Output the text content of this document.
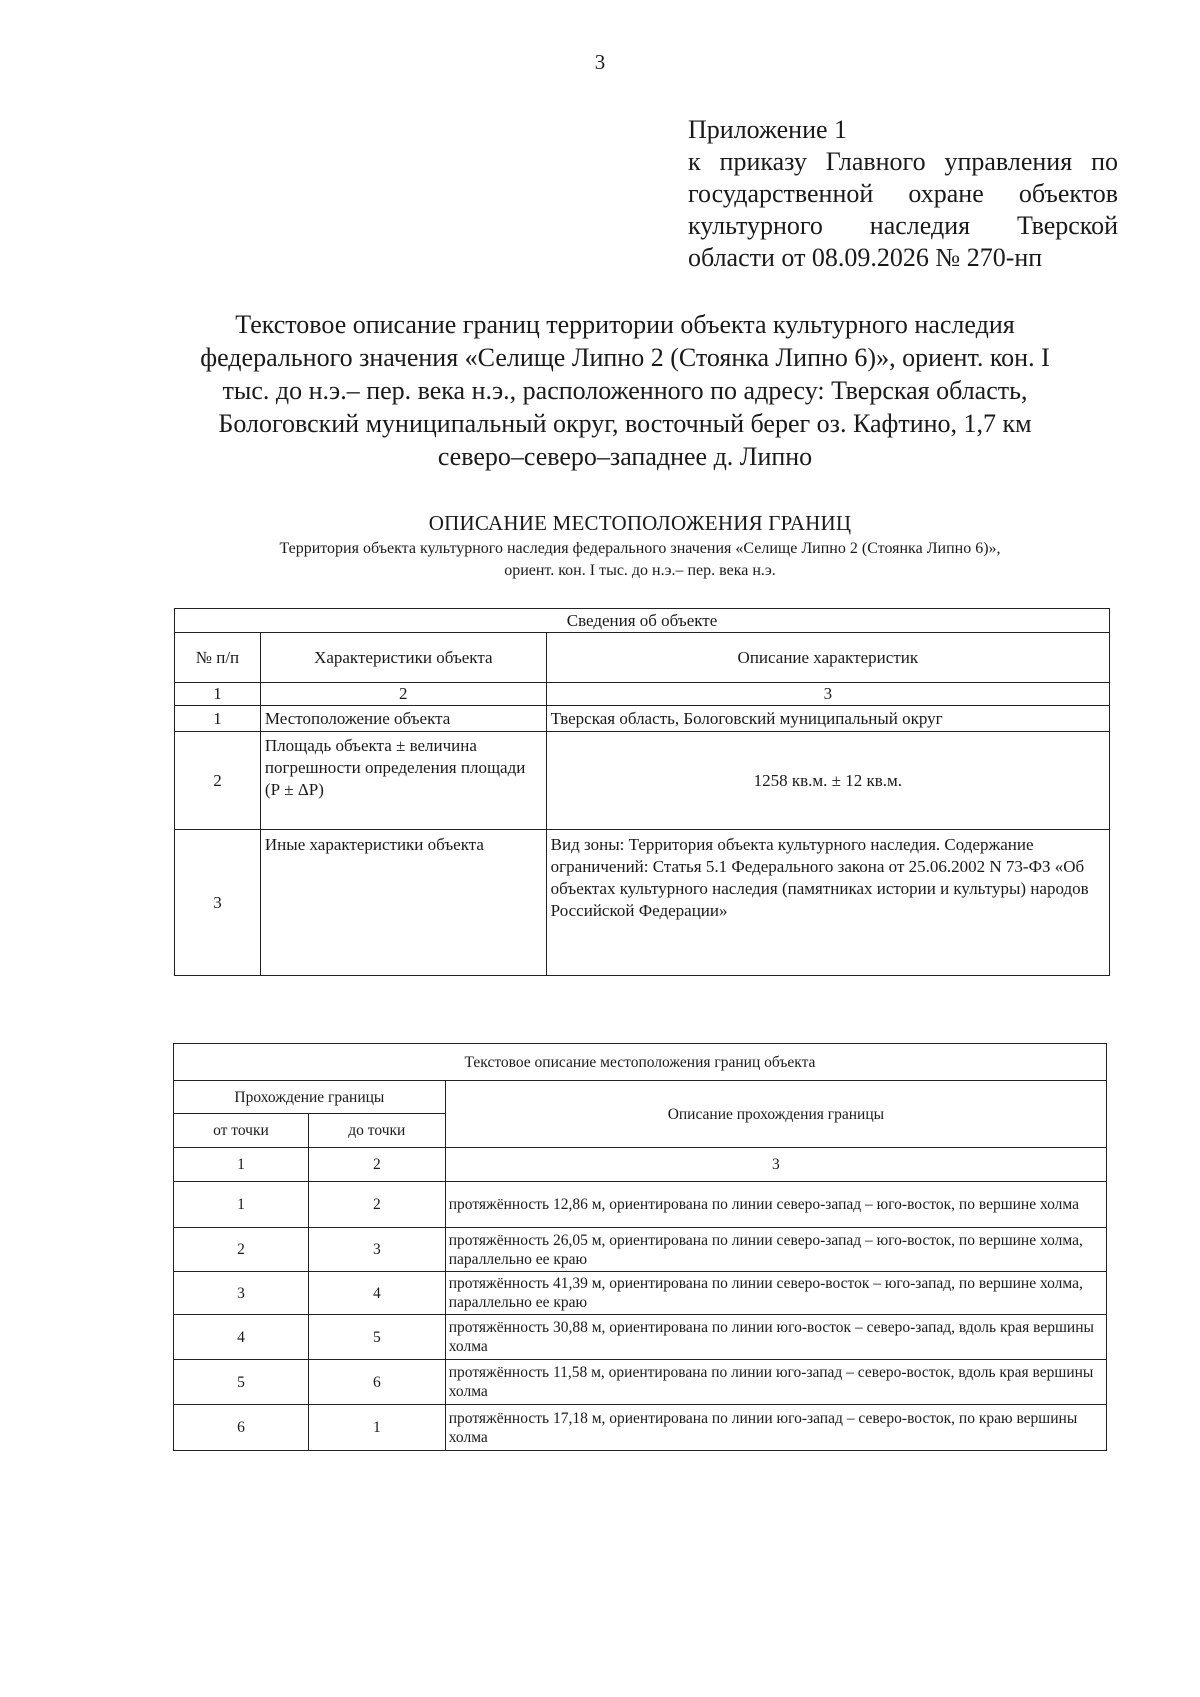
3
Приложение 1
к приказу Главного управления по
государственной охране объектов
культурного наследия Тверской
области от 08.09.2026 № 270-нп
Текстовое описание границ территории объекта культурного наследия
федерального значения «Селище Липно 2 (Стоянка Липно 6)», ориент. кон. I
тыс. до н.э.– пер. века н.э., расположенного по адресу: Тверская область,
Бологовский муниципальный округ, восточный берег оз. Кафтино, 1,7 км
северо–северо–западнее д. Липно
ОПИСАНИЕ МЕСТОПОЛОЖЕНИЯ ГРАНИЦ
Территория объекта культурного наследия федерального значения «Селище Липно 2 (Стоянка Липно 6)»,
ориент. кон. I тыс. до н.э.– пер. века н.э.
Сведения об объекте		
№ п/п	Характеристики объекта	Описание характеристик
1	2	3
1	Местоположение объекта	Тверская область, Бологовский муниципальный округ
2	Площадь объекта ± величина погрешности определения площади (Р ± ΔР)	1258 кв.м. ± 12 кв.м.
3	Иные характеристики объекта	Вид зоны: Территория объекта культурного наследия. Содержание ограничений: Статья 5.1 Федерального закона от 25.06.2002 N 73-ФЗ «Об объектах культурного наследия (памятниках истории и культуры) народов Российской Федерации»
Текстовое описание местоположения границ объекта		
Прохождение границы		Описание прохождения границы
от точки	до точки	
1	2	3
1	2	протяжённость 12,86 м, ориентирована по линии северо-запад – юго-восток, по вершине холма
2	3	протяжённость 26,05 м, ориентирована по линии северо-запад – юго-восток, по вершине холма, параллельно ее краю
3	4	протяжённость 41,39 м, ориентирована по линии северо-восток – юго-запад, по вершине холма, параллельно ее краю
4	5	протяжённость 30,88 м, ориентирована по линии юго-восток – северо-запад, вдоль края вершины холма
5	6	протяжённость 11,58 м, ориентирована по линии юго-запад – северо-восток, вдоль края вершины холма
6	1	протяжённость 17,18 м, ориентирована по линии юго-запад – северо-восток, по краю вершины холма
